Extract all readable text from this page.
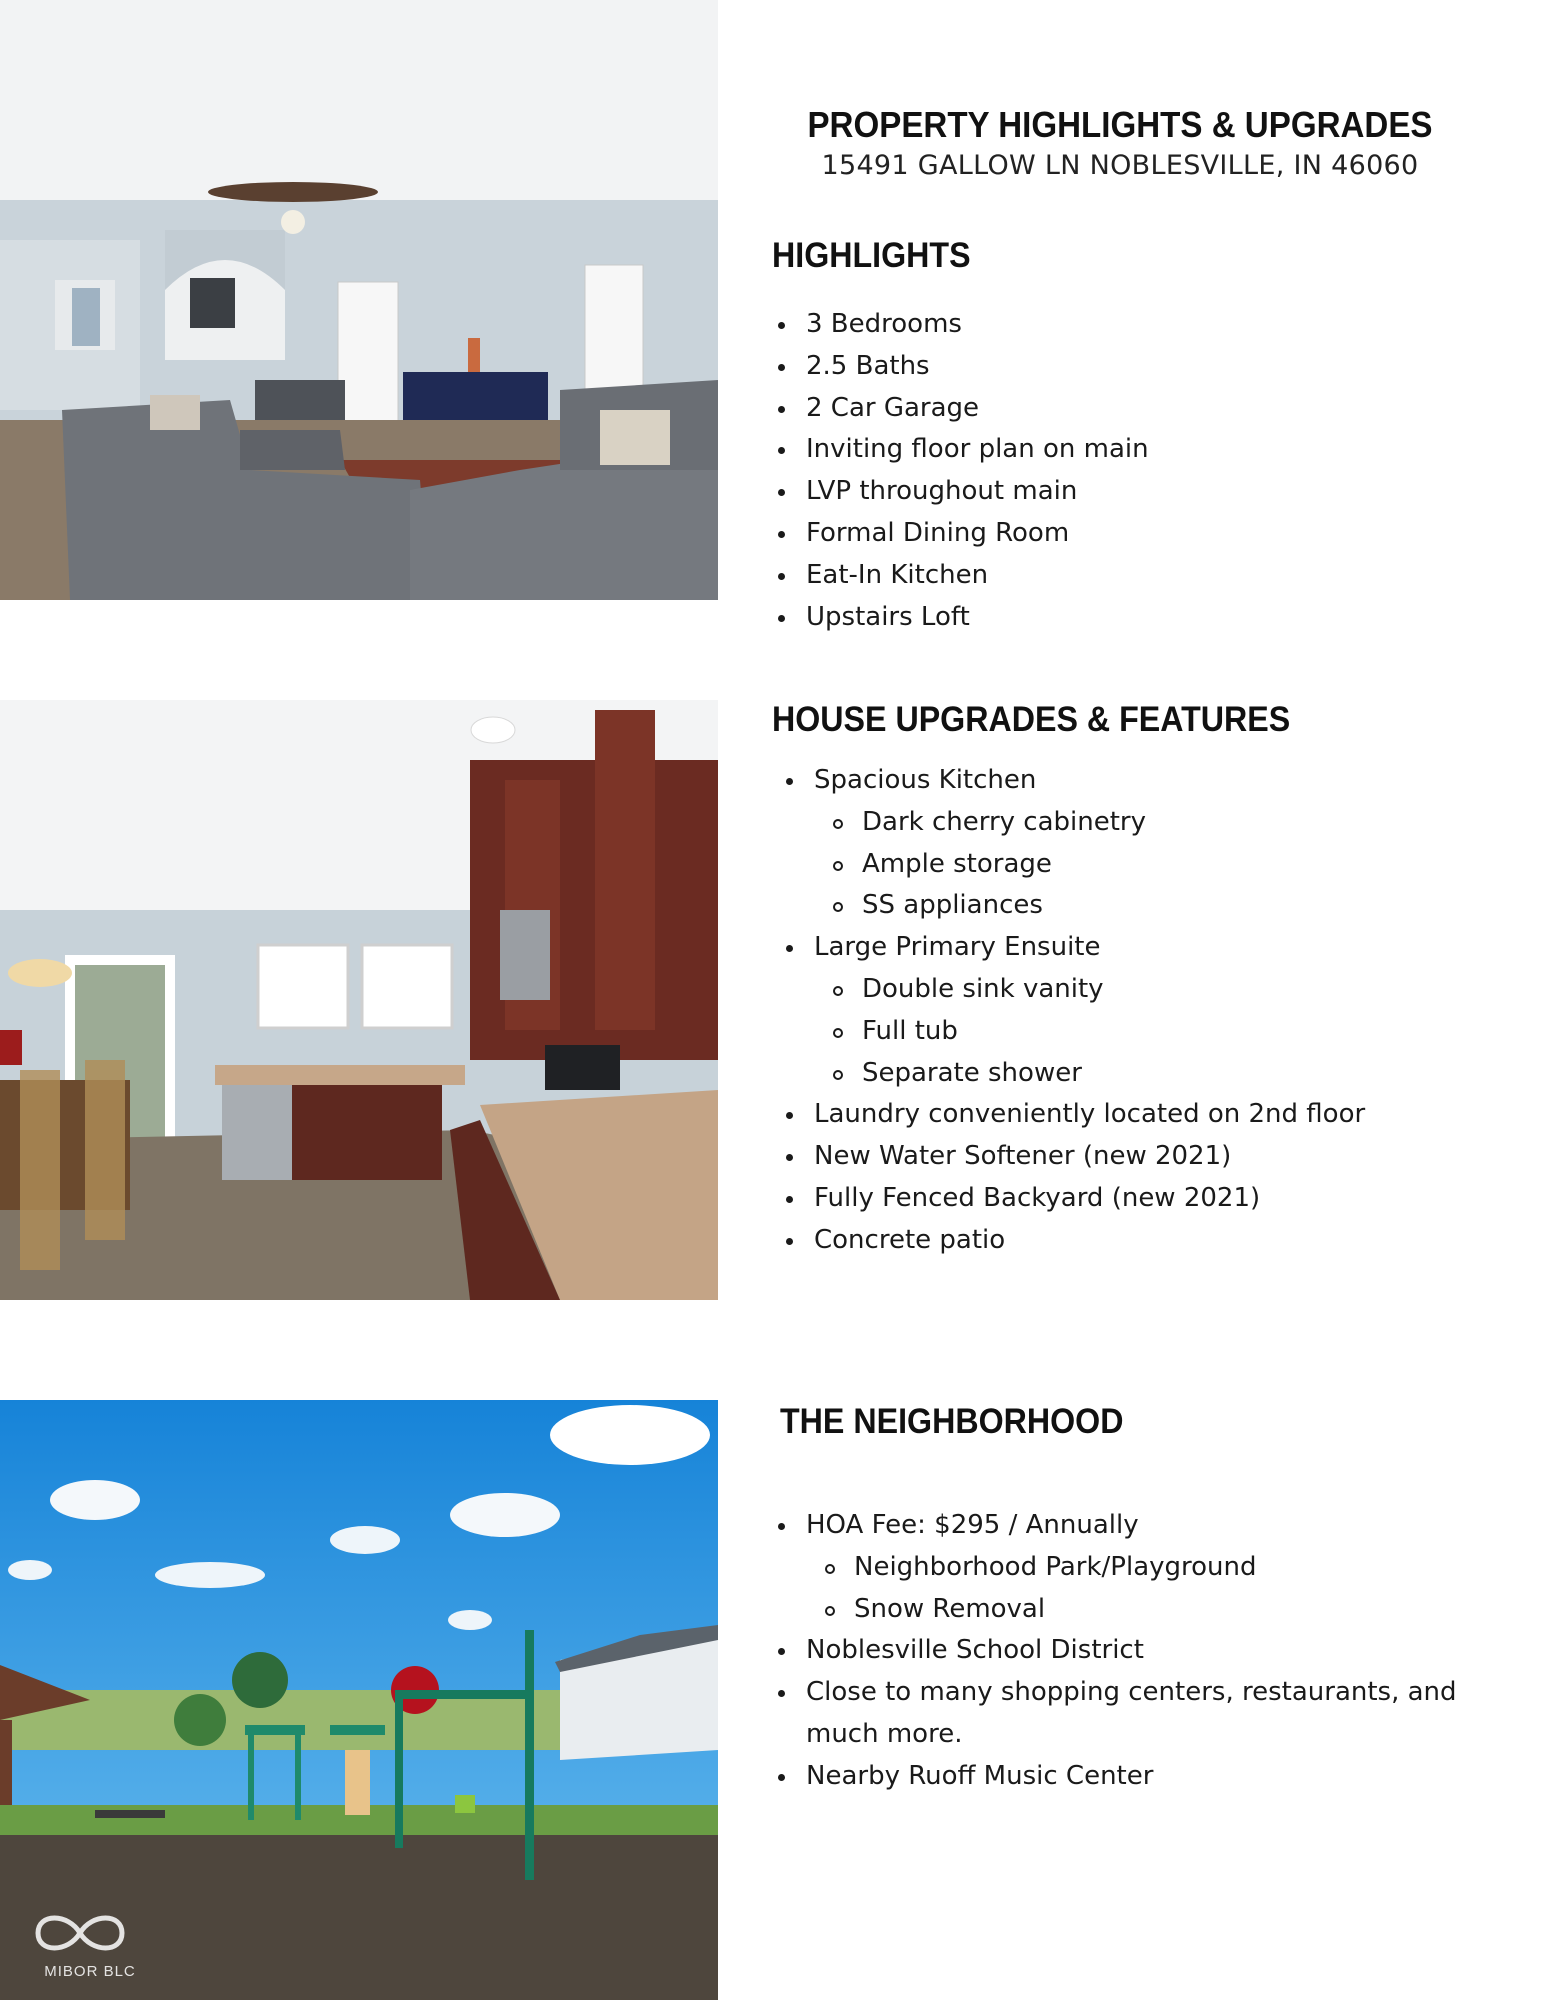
MIBOR BLC
PROPERTY HIGHLIGHTS & UPGRADES
15491 GALLOW LN NOBLESVILLE, IN 46060
HIGHLIGHTS
3 Bedrooms
2.5 Baths
2 Car Garage
Inviting floor plan on main
LVP throughout main
Formal Dining Room
Eat-In Kitchen
Upstairs Loft
HOUSE UPGRADES & FEATURES
Spacious Kitchen
Dark cherry cabinetry
Ample storage
SS appliances
Large Primary Ensuite
Double sink vanity
Full tub
Separate shower
Laundry conveniently located on 2nd floor
New Water Softener (new 2021)
Fully Fenced Backyard (new 2021)
Concrete patio
THE NEIGHBORHOOD
HOA Fee: $295 / Annually
Neighborhood Park/Playground
Snow Removal
Noblesville School District
Close to many shopping centers, restaurants, and much more.
Nearby Ruoff Music Center
